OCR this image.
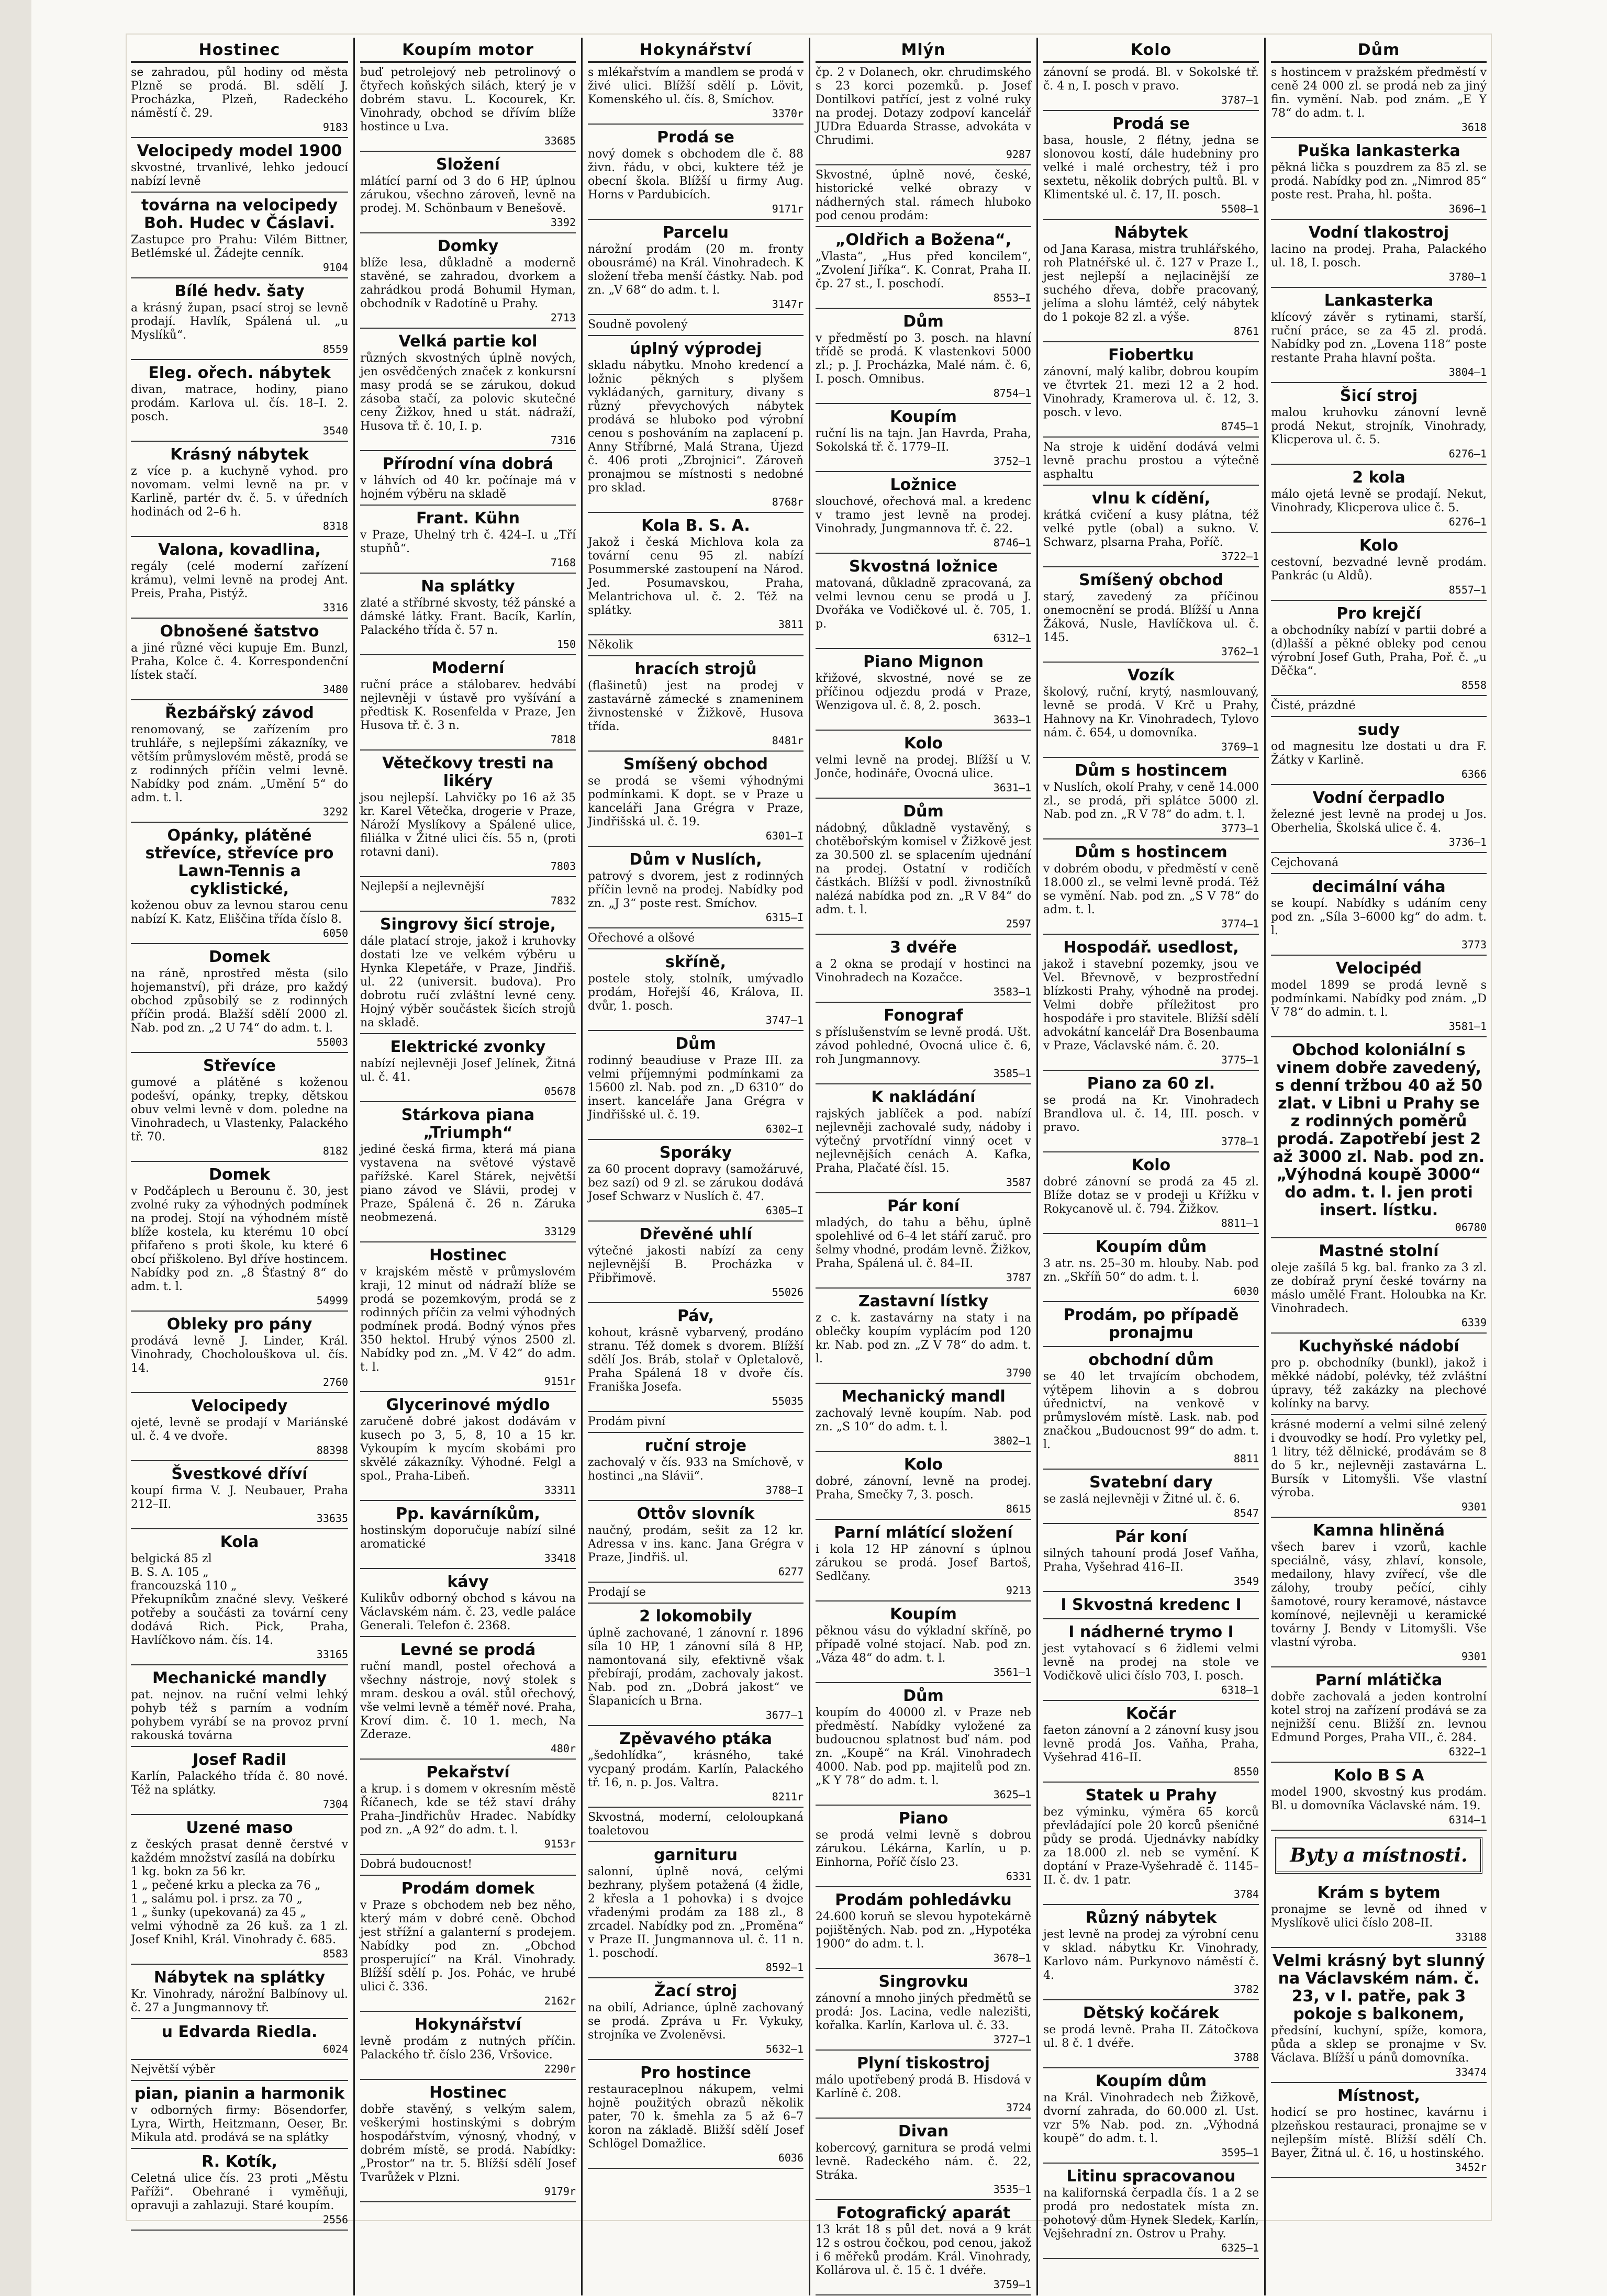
Hostinec
se zahradou, půl hodiny od města Plzně se prodá. Bl. sdělí J. Procházka, Plzeň, Radeckého náměstí č. 29.
9183
Velocipedy model 1900
skvostné, trvanlivé, lehko jedoucí nabízí levně
továrna na velocipedy Boh. Hudec v Čáslavi.
Zastupce pro Prahu: Vilém Bittner, Betlémské ul. Žádejte cenník.
9104
Bílé hedv. šaty
a krásný župan, psací stroj se levně prodají. Havlík, Spálená ul. „u Myslíků“.
8559
Eleg. ořech. nábytek
divan, matrace, hodiny, piano prodám. Karlova ul. čís. 18–I. 2. posch.
3540
Krásný nábytek
z více p. a kuchyně vyhod. pro novomam. velmi levně na pr. v Karlině, partér dv. č. 5. v úředních hodinách od 2–6 h.
8318
Valona, kovadlina,
regály (celé moderní zařízení krámu), velmi levně na prodej Ant. Preis, Praha, Pistýž.
3316
Obnošené šatstvo
a jiné různé věci kupuje Em. Bunzl, Praha, Kolce č. 4. Korrespondenční lístek stačí.
3480
Řezbářský závod
renomovaný, se zařízením pro truhláře, s nejlepšími zákazníky, ve větším průmyslovém městě, prodá se z rodinných příčin velmi levně. Nabídky pod znám. „Umění 5“ do adm. t. l.
3292
Opánky, plátěné střevíce, střevíce pro Lawn-Tennis a cyklistické,
koženou obuv za levnou starou cenu nabízí K. Katz, Eliščina třída číslo 8.
6050
Domek
na ráně, nprostřed města (silo hojemanství), při dráze, pro každý obchod způsobilý se z rodinných příčin prodá. Blažší sdělí 2000 zl. Nab. pod zn. „2 U 74“ do adm. t. l.
55003
Střevíce
gumové a plátěné s koženou podešví, opánky, trepky, dětskou obuv velmi levně v dom. poledne na Vinohradech, u Vlastenky, Palackého tř. 70.
8182
Domek
v Podčáplech u Berounu č. 30, jest zvolné ruky za výhodných podmínek na prodej. Stojí na výhodném místě blíže kostela, ku kterému 10 obcí přifařeno s proti škole, ku které 6 obcí přiškoleno. Byl dříve hostincem. Nabídky pod zn. „8 Šťastný 8“ do adm. t. l.
54999
Obleky pro pány
prodává levně J. Linder, Král. Vinohrady, Chocholouškova ul. čís. 14.
2760
Velocipedy
ojeté, levně se prodají v Mariánské ul. č. 4 ve dvoře.
88398
Švestkové dříví
koupí firma V. J. Neubauer, Praha 212–II.
33635
Kola
belgická 85 zl
B. S. A. 105 „
francouzská 110 „
Překupníkům značné slevy. Veškeré potřeby a součásti za tovární ceny dodává Rich. Pick, Praha, Havlíčkovo nám. čís. 14.
33165
Mechanické mandly
pat. nejnov. na ruční velmi lehký pohyb též s parním a vodním pohybem vyrábí se na provoz první rakouská továrna
Josef Radil
Karlín, Palackého třída č. 80 nové. Též na splátky.
7304
Uzené maso
z českých prasat denně čerstvé v každém množství zasílá na dobírku
1 kg. bokn za 56 kr.
1 „ pečené krku a plecka za 76 „
1 „ salámu pol. i prsz. za 70 „
1 „ šunky (upekovaná) za 45 „
velmi výhodně za 26 kuš. za 1 zl. Josef Knihl, Král. Vinohrady č. 685.
8583
Nábytek na splátky
Kr. Vinohrady, nárožní Balbínovy ul. č. 27 a Jungmannovy tř.
u Edvarda Riedla.
6024
Největší výběr
pian, pianin a harmonik
v odborných firmy: Bösendorfer, Lyra, Wirth, Heitzmann, Oeser, Br. Mikula atd. prodává se na splátky
R. Kotík,
Celetná ulice čís. 23 proti „Městu Paříži“. Obehrané i vyměňuji, opravuji a zahlazuji. Staré koupím.
2556
Koupím motor
buď petrolejový neb petrolinový o čtyřech koňských silách, který je v dobrém stavu. L. Kocourek, Kr. Vinohrady, obchod se dřívím blíže hostince u Lva.
33685
Složení
mlátící parní od 3 do 6 HP, úplnou zárukou, všechno zároveň, levně na prodej. M. Schönbaum v Benešově.
3392
Domky
blíže lesa, důkladně a moderně stavěné, se zahradou, dvorkem a zahrádkou prodá Bohumil Hyman, obchodník v Radotíně u Prahy.
2713
Velká partie kol
různých skvostných úplně nových, jen osvědčených značek z konkursní masy prodá se se zárukou, dokud zásoba stačí, za polovic skutečné ceny Žižkov, hned u stát. nádraží, Husova tř. č. 10, I. p.
7316
Přírodní vína dobrá
v láhvích od 40 kr. počínaje má v hojném výběru na skladě
Frant. Kühn
v Praze, Uhelný trh č. 424–I. u „Tří stupňů“.
7168
Na splátky
zlaté a stříbrné skvosty, též pánské a dámské látky. Frant. Bacík, Karlín, Palackého třída č. 57 n.
150
Moderní
ruční práce a stálobarev. hedvábí nejlevněji v ústavě pro vyšívání a předtisk K. Rosenfelda v Praze, Jen Husova tř. č. 3 n.
7818
Větečkovy tresti na likéry
jsou nejlepší. Lahvičky po 16 až 35 kr. Karel Větečka, drogerie v Praze, Nároží Myslíkovy a Spálené ulice, filiálka v Žitné ulici čís. 55 n, (proti rotavni dani).
7803
Nejlepší a nejlevnější
7832
Singrovy šicí stroje,
dále platací stroje, jakož i kruhovky dostati lze ve velkém výběru u Hynka Klepetáře, v Praze, Jindřiš. ul. 22 (universit. budova). Pro dobrotu ručí zvláštní levné ceny. Hojný výběr součástek šicích strojů na skladě.
Elektrické zvonky
nabízí nejlevněji Josef Jelínek, Žitná ul. č. 41.
05678
Stárkova piana „Triumph“
jediné česká firma, která má piana vystavena na světové výstavě pařížské. Karel Stárek, největší piano závod ve Slávii, prodej v Praze, Spálená č. 26 n. Záruka neobmezená.
33129
Hostinec
v krajském městě v průmyslovém kraji, 12 minut od nádraží blíže se prodá se pozemkovým, prodá se z rodinných příčin za velmi výhodných podmínek prodá. Bodný výnos přes 350 hektol. Hrubý výnos 2500 zl. Nabídky pod zn. „M. V 42“ do adm. t. l.
9151r
Glycerinové mýdlo
zaručeně dobré jakost dodávám v kusech po 3, 5, 8, 10 a 15 kr. Vykoupím k mycím skobámi pro skvělé zákazníky. Výhodné. Felgl a spol., Praha-Libeň.
33311
Pp. kavárníkům,
hostinským doporučuje nabízí silné aromatické
33418
kávy
Kulikův odborný obchod s kávou na Václavském nám. č. 23, vedle paláce Generali. Telefon č. 2368.
Levné se prodá
ruční mandl, postel ořechová a všechny nástroje, nový stolek s mram. deskou a ovál. stůl ořechový, vše velmi levně a téměř nové. Praha, Kroví dim. č. 10 1. mech, Na Zderaze.
480r
Pekařství
a krup. i s domem v okresním městě Říčanech, kde se též staví dráhy Praha–Jindřichův Hradec. Nabídky pod zn. „A 92“ do adm. t. l.
9153r
Dobrá budoucnost!
Prodám domek
v Praze s obchodem neb bez něho, který mám v dobré ceně. Obchod jest střížní a galanterní s prodejem. Nabídky pod zn. „Obchod prosperující“ na Král. Vinohrady. Blížší sdělí p. Jos. Pohác, ve hrubé ulici č. 336.
2162r
Hokynářství
levně prodám z nutných příčin. Palackého tř. číslo 236, Vršovice.
2290r
Hostinec
dobře stavěný, s velkým salem, veškerými hostinskými s dobrým hospodářstvím, výnosný, vhodný, v dobrém místě, se prodá. Nabídky: „Prostor“ na tr. 5. Blížší sdělí Josef Tvarůžek v Plzni.
9179r
Hokynářství
s mlékařstvím a mandlem se prodá v živé ulici. Blížší sdělí p. Lövit, Komenského ul. čís. 8, Smíchov.
3370r
Prodá se
nový domek s obchodem dle č. 88 živn. řádu, v obci, kuktere též je obecní škola. Blížší u firmy Aug. Horns v Pardubicích.
9171r
Parcelu
nárožní prodám (20 m. fronty obousrámé) na Král. Vinohradech. K složení třeba menší částky. Nab. pod zn. „V 68“ do adm. t. l.
3147r
Soudně povolený
úplný výprodej
skladu nábytku. Mnoho kredencí a ložnic pěkných s plyšem vykládaných, garnitury, divany s různý převychových nábytek prodává se hluboko pod výrobní cenou s poshováním na zaplacení p. Anny Stříbrné, Malá Strana, Újezd č. 406 proti „Zbrojnici“. Zároveň pronajmou se místnosti s nedobné pro sklad.
8768r
Kola B. S. A.
Jakož i česká Michlova kola za tovární cenu 95 zl. nabízí Posummerské zastoupení na Národ. Jed. Posumavskou, Praha, Melantrichova ul. č. 2. Též na splátky.
3811
Několik
hracích strojů
(flašinetů) jest na prodej v zastavárně zámecké s znameninem živnostenské v Žižkově, Husova třída.
8481r
Smíšený obchod
se prodá se všemi výhodnými podmínkami. K dopt. se v Praze u kanceláři Jana Grégra v Praze, Jindřišská ul. č. 19.
6301–I
Dům v Nuslích,
patrový s dvorem, jest z rodinných příčin levně na prodej. Nabídky pod zn. „J 3“ poste rest. Smíchov.
6315–I
Ořechové a olšové
skříně,
postele stoly, stolník, umývadlo prodám, Hořejší 46, Králova, II. dvůr, 1. posch.
3747–1
Dům
rodinný beaudiuse v Praze III. za velmi příjemnými podmínkami za 15600 zl. Nab. pod zn. „D 6310“ do insert. kanceláře Jana Grégra v Jindřišské ul. č. 19.
6302–I
Sporáky
za 60 procent dopravy (samožáruvé, bez sazí) od 9 zl. se zárukou dodává Josef Schwarz v Nuslích č. 47.
6305–I
Dřevěné uhlí
výtečné jakosti nabízí za ceny nejlevnější B. Procházka v Přibřimově.
55026
Páv,
kohout, krásně vybarvený, prodáno stranu. Též domek s dvorem. Blížší sdělí Jos. Bráb, stolař v Opletalově, Praha Spálená 18 v dvoře čís. Franiška Josefa.
55035
Prodám pivní
ruční stroje
zachovalý v čís. 933 na Smíchově, v hostinci „na Slávii“.
3788–I
Otto̊v slovník
naučný, prodám, sešit za 12 kr. Adressa v ins. kanc. Jana Grégra v Praze, Jindřiš. ul.
6277
Prodají se
2 lokomobily
úplně zachované, 1 zánovní r. 1896 síla 10 HP, 1 zánovní sílá 8 HP, namontovaná sily, efektivně však přebírají, prodám, zachovaly jakost. Nab. pod zn. „Dobrá jakost“ ve Šlapanicích u Brna.
3677–1
Zpěvavého ptáka
„šedohlídka“, krásného, také vycpaný prodám. Karlín, Palackého tř. 16, n. p. Jos. Valtra.
8211r
Skvostná, moderní, celoloupkaná toaletovou
garnituru
salonní, úplně nová, celými bezhrany, plyšem potažená (4 židle, 2 křesla a 1 pohovka) i s dvojce vřadenými prodám za 188 zl., 8 zrcadel. Nabídky pod zn. „Proměna“ v Praze II. Jungmannova ul. č. 11 n. 1. poschodí.
8592–1
Žací stroj
na obilí, Adriance, úplně zachovaný se prodá. Zpráva u Fr. Vykuky, strojníka ve Zvoleněvsi.
5632–1
Pro hostince
restauraceplnou nákupem, velmi hojně použitých obrazů několik pater, 70 k. šmehla za 5 až 6–7 koron na základě. Bližší sdělí Josef Schlögel Domažlice.
6036
Mlýn
čp. 2 v Dolanech, okr. chrudimského s 23 korci pozemků. p. Josef Dontilkovi patřící, jest z volné ruky na prodej. Dotazy zodpoví kancelář JUDra Eduarda Strasse, advokáta v Chrudimi.
9287
Skvostné, úplně nové, české, historické velké obrazy v nádherných stal. rámech hluboko pod cenou prodám:
„Oldřich a Božena“,
„Vlasta“, „Hus před koncilem“, „Zvolení Jiříka“. K. Conrat, Praha II. čp. 27 st., I. poschodí.
8553–I
Dům
v předměstí po 3. posch. na hlavní třídě se prodá. K vlastenkovi 5000 zl.; p. J. Procházka, Malé nám. č. 6, I. posch. Omnibus.
8754–1
Koupím
ruční lis na tajn. Jan Havrda, Praha, Sokolská tř. č. 1779–II.
3752–1
Ložnice
slouchové, ořechová mal. a kredenc v tramo jest levně na prodej. Vinohrady, Jungmannova tř. č. 22.
8746–1
Skvostná ložnice
matovaná, důkladně zpracovaná, za velmi levnou cenu se prodá u J. Dvořáka ve Vodičkové ul. č. 705, 1. p.
6312–1
Piano Mignon
křižové, skvostné, nové se ze příčinou odjezdu prodá v Praze, Wenzigova ul. č. 8, 2. posch.
3633–1
Kolo
velmi levně na prodej. Blížší u V. Jonče, hodináře, Ovocná ulice.
3631–1
Dům
nádobný, důkladně vystavěný, s chotěbořským komisel v Žižkově jest za 30.500 zl. se splacením ujednání na prodej. Ostatní v rodičích částkách. Blížší v podl. živnostníků nalézá nabídka pod zn. „R V 84“ do adm. t. l.
2597
3 dvéře
a 2 okna se prodají v hostinci na Vinohradech na Kozačce.
3583–1
Fonograf
s příslušenstvím se levně prodá. Ušt. závod pohledné, Ovocná ulice č. 6, roh Jungmannovy.
3585–1
K nakládání
rajských jablíček a pod. nabízí nejlevněji zachovalé sudy, nádoby i výtečný prvotřídní vinný ocet v nejlevnějších cenách A. Kafka, Praha, Plačaté čísl. 15.
3587
Pár koní
mladých, do tahu a běhu, úplně spolehlivé od 6–4 let stáří zaruč. pro šelmy vhodné, prodám levně. Žižkov, Praha, Spálená ul. č. 84–II.
3787
Zastavní lístky
z c. k. zastavárny na staty i na oblečky koupím vyplácím pod 120 kr. Nab. pod zn. „Z V 78“ do adm. t. l.
3790
Mechanický mandl
zachovalý levně koupím. Nab. pod zn. „S 10“ do adm. t. l.
3802–1
Kolo
dobré, zánovní, levně na prodej. Praha, Smečky 7, 3. posch.
8615
Parní mlátící složení
i kola 12 HP zánovní s úplnou zárukou se prodá. Josef Bartoš, Sedlčany.
9213
Koupím
pěknou vásu do výkladní skříně, po případě volné stojací. Nab. pod zn. „Váza 48“ do adm. t. l.
3561–1
Dům
koupím do 40000 zl. v Praze neb předměstí. Nabídky vyložené za budoucnou splatnost buď nám. pod zn. „Koupě“ na Král. Vinohradech 4000. Nab. pod pp. majitelů pod zn. „K Y 78“ do adm. t. l.
3625–1
Piano
se prodá velmi levně s dobrou zárukou. Lékárna, Karlín, u p. Einhorna, Poříč číslo 23.
6331
Prodám pohledávku
24.600 koruň se slevou hypotekárně pojištěných. Nab. pod zn. „Hypotéka 1900“ do adm. t. l.
3678–1
Singrovku
zánovní a mnoho jiných předmětů se prodá: Jos. Lacina, vedle nalezišti, kořalka. Karlín, Karlova ul. č. 33.
3727–1
Plyní tiskostroj
málo upotřebený prodá B. Hisdová v Karlíně č. 208.
3724
Divan
kobercový, garnitura se prodá velmi levně. Radeckého nám. č. 22, Stráka.
3535–1
Fotografický aparát
13 krát 18 s půl det. nová a 9 krát 12 s ostrou čočkou, pod cenou, jakož i 6 měřeků prodám. Král. Vinohrady, Kollárova ul. č. 15 č. 1 dvéře.
3759–1
Kolo
zánovní se prodá. Bl. v Sokolské tř. č. 4 n, I. posch v pravo.
3787–1
Prodá se
basa, housle, 2 flétny, jedna se slonovou kostí, dále hudebniny pro velké i malé orchestry, též i pro sextetu, několik dobrých pultů. Bl. v Klimentské ul. č. 17, II. posch.
5508–1
Nábytek
od Jana Karasa, mistra truhlářského, roh Platnéřské ul. č. 127 v Praze I., jest nejlepší a nejlacinější ze suchého dřeva, dobře pracovaný, jelíma a slohu lámtéž, celý nábytek do 1 pokoje 82 zl. a výše.
8761
Fiobertku
zánovní, malý kalibr, dobrou koupím ve čtvrtek 21. mezi 12 a 2 hod. Vinohrady, Kramerova ul. č. 12, 3. posch. v levo.
8745–1
Na stroje k uidění dodává velmi levně prachu prostou a výtečně asphaltu
vlnu k cídění,
krátká cvičení a kusy plátna, též velké pytle (obal) a sukno. V. Schwarz, plsarna Praha, Poříč.
3722–1
Smíšený obchod
starý, zavedený za příčinou onemocnění se prodá. Blížší u Anna Žáková, Nusle, Havlíčkova ul. č. 145.
3762–1
Vozík
školový, ruční, krytý, nasmlouvaný, levně se prodá. V Krč u Prahy, Hahnovy na Kr. Vinohradech, Tylovo nám. č. 654, u domovníka.
3769–1
Dům s hostincem
v Nuslích, okolí Prahy, v ceně 14.000 zl., se prodá, při splátce 5000 zl. Nab. pod zn. „R V 78“ do adm. t. l.
3773–1
Dům s hostincem
v dobrém obodu, v předměstí v ceně 18.000 zl., se velmi levně prodá. Též se vymění. Nab. pod zn. „S V 78“ do adm. t. l.
3774–1
Hospodář. usedlost,
jakož i stavební pozemky, jsou ve Vel. Břevnově, v bezprostřední blízkosti Prahy, výhodně na prodej. Velmi dobře příležitost pro hospodáře i pro stavitele. Blížší sdělí advokátní kancelář Dra Bosenbauma v Praze, Václavské nám. č. 20.
3775–1
Piano za 60 zl.
se prodá na Kr. Vinohradech Brandlova ul. č. 14, III. posch. v pravo.
3778–1
Kolo
dobré zánovní se prodá za 45 zl. Blíže dotaz se v prodeji u Křížku v Rokycanově ul. č. 794. Žižkov.
8811–1
Koupím dům
3 atr. ns. 25–30 m. hlouby. Nab. pod zn. „Skříň 50“ do adm. t. l.
6030
Prodám, po případě pronajmu
obchodní dům
se 40 let trvajícím obchodem, výtěpem lihovin a s dobrou úřednictví, na venkově v průmyslovém místě. Lask. nab. pod značkou „Budoucnost 99“ do adm. t. l.
8811
Svatební dary
se zaslá nejlevněji v Žitné ul. č. 6.
8547
Pár koní
silných tahouní prodá Josef Vaňha, Praha, Vyšehrad 416–II.
3549
I Skvostná kredenc I
I nádherné trymo I
jest vytahovací s 6 židlemi velmi levně na prodej na stole ve Vodičkově ulici číslo 703, I. posch.
6318–1
Kočár
faeton zánovní a 2 zánovní kusy jsou levně prodá Jos. Vaňha, Praha, Vyšehrad 416–II.
8550
Statek u Prahy
bez výminku, výměra 65 korců převládající pole 20 korců pšeničné půdy se prodá. Ujednávky nabídky za 18.000 zl. neb se vymění. K doptání v Praze-Vyšehradě č. 1145–II. č. dv. 1 patr.
3784
Různý nábytek
jest levně na prodej za výrobní cenu v sklad. nábytku Kr. Vinohrady, Karlovo nám. Purkynovo náměstí č. 4.
3782
Dětský kočárek
se prodá levně. Praha II. Zátočkova ul. 8 č. 1 dvéře.
3788
Koupím dům
na Král. Vinohradech neb Žižkově, dvorní zahrada, do 60.000 zl. Ust. vzr 5% Nab. pod. zn. „Výhodná koupě“ do adm. t. l.
3595–1
Litinu spracovanou
na kalifornská čerpadla čís. 1 a 2 se prodá pro nedostatek místa zn. pohotový dům Hynek Sledek, Karlín, Vejšehradní zn. Ostrov u Prahy.
6325–1
Dům
s hostincem v pražském předměstí v ceně 24 000 zl. se prodá neb za jiný fin. vymění. Nab. pod znám. „E Y 78“ do adm. t. l.
3618
Puška lankasterka
pěkná lička s pouzdrem za 85 zl. se prodá. Nabídky pod zn. „Nimrod 85“ poste rest. Praha, hl. pošta.
3696–1
Vodní tlakostroj
lacino na prodej. Praha, Palackého ul. 18, I. posch.
3780–1
Lankasterka
klícový závěr s rytinami, starší, ruční práce, se za 45 zl. prodá. Nabídky pod zn. „Lovena 118“ poste restante Praha hlavní pošta.
3804–1
Šicí stroj
malou kruhovku zánovní levně prodá Nekut, strojník, Vinohrady, Klicperova ul. č. 5.
6276–1
2 kola
málo ojetá levně se prodají. Nekut, Vinohrady, Klicperova ulice č. 5.
6276–1
Kolo
cestovní, bezvadné levně prodám. Pankrác (u Aldů).
8557–1
Pro krejčí
a obchodníky nabízí v partii dobré a (d)lašší a pěkné obleky pod cenou výrobní Josef Guth, Praha, Poř. č. „u Děčka“.
8558
Čisté, prázdné
sudy
od magnesitu lze dostati u dra F. Žátky v Karlině.
6366
Vodní čerpadlo
železné jest levně na prodej u Jos. Oberhelia, Školská ulice č. 4.
3736–1
Cejchovaná
decimální váha
se koupí. Nabídky s udáním ceny pod zn. „Síla 3–6000 kg“ do adm. t. l.
3773
Velocipéd
model 1899 se prodá levně s podmínkami. Nabídky pod znám. „D V 78“ do admin. t. l.
3581–1
Obchod koloniální s vinem dobře zavedený, s denní tržbou 40 až 50 zlat. v Libni u Prahy se z rodinných poměrů prodá. Zapotřebí jest 2 až 3000 zl. Nab. pod zn. „Výhodná koupě 3000“ do adm. t. l. jen proti insert. lístku.
06780
Mastné stolní
oleje zašílá 5 kg. bal. franko za 3 zl. ze dobíraž pryní české továrny na máslo umělé Frant. Holoubka na Kr. Vinohradech.
6339
Kuchyňské nádobí
pro p. obchodníky (bunkl), jakož i měkké nádobí, polévky, též zvláštní úpravy, též zakázky na plechové kolínky na barvy.
krásné moderní a velmi silné zelený i dvouvodky se hodí. Pro vyletky pel, 1 litry, též dělnické, prodávám se 8 do 5 kr., nejlevněji zastavárna L. Bursík v Litomyšli. Vše vlastní výroba.
9301
Kamna hliněná
všech barev i vzorů, kachle speciálně, vásy, zhlaví, konsole, medailony, hlavy zvířecí, vše dle zálohy, trouby pečící, cihly šamotové, roury keramové, nástavce komínové, nejlevněji u keramické továrny J. Bendy v Litomyšli. Vše vlastní výroba.
9301
Parní mlátička
dobře zachovalá a jeden kontrolní kotel stroj na zařízení prodává se za nejnižší cenu. Bližší zn. levnou Edmund Porges, Praha VII., č. 284.
6322–1
Kolo B S A
model 1900, skvostný kus prodám. Bl. u domovníka Václavské nám. 19.
6314–1
Byty a místnosti.
Krám s bytem
pronajme se levně od ihned v Myslíkově ulici číslo 208–II.
33188
Velmi krásný byt slunný na Václavském nám. č. 23, v I. patře, pak 3 pokoje s balkonem,
předsíní, kuchyní, spíže, komora, půda a sklep se pronajme v Sv. Václava. Blížší u pánů domovníka.
33474
Místnost,
hodicí se pro hostinec, kavárnu i plzeňskou restauraci, pronajme se v nejlepším místě. Blížší sdělí Ch. Bayer, Žitná ul. č. 16, u hostinského.
3452r
